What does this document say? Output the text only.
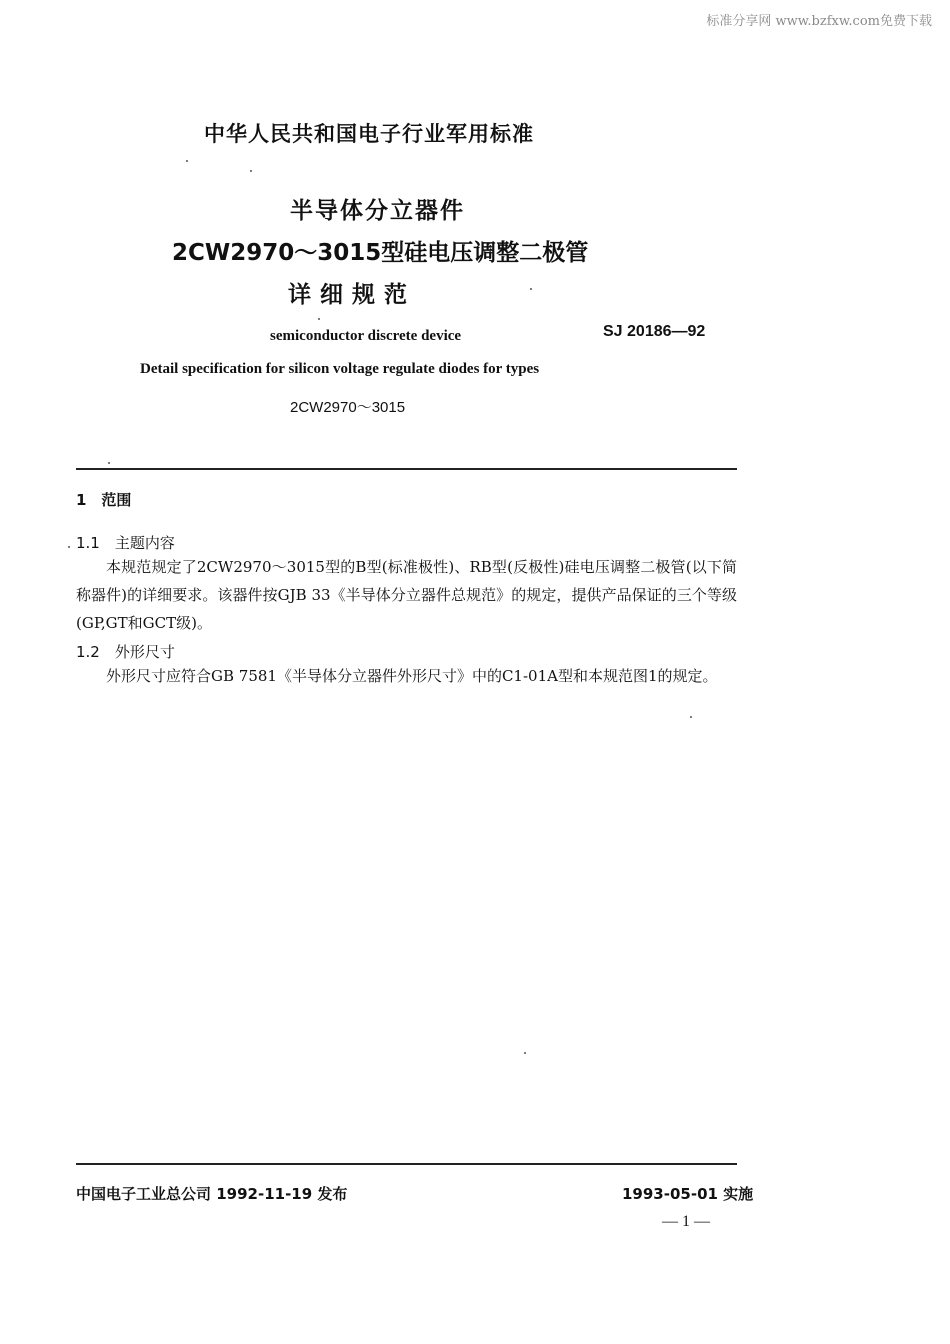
标准分享网 www.bzfxw.com免费下载
中华人民共和国电子行业军用标准
半导体分立器件
2CW2970～3015型硅电压调整二极管
详细规范
semiconductor discrete device	SJ 20186—92
Detail specification for silicon voltage regulate diodes for types
2CW2970～3015
1　范围
1.1　主题内容

本规范规定了2CW2970～3015型的B型(标准极性)、RB型(反极性)硅电压调整二极管(以下简称器件)的详细要求。该器件按GJB 33《半导体分立器件总规范》的规定，提供产品保证的三个等级(GP,GT和GCT级)。

1.2　外形尺寸

外形尺寸应符合GB 7581《半导体分立器件外形尺寸》中的C1-01A型和本规范图1的规定。

中国电子工业总公司 1992-11-19 发布	1993-05-01 实施
— 1 —
